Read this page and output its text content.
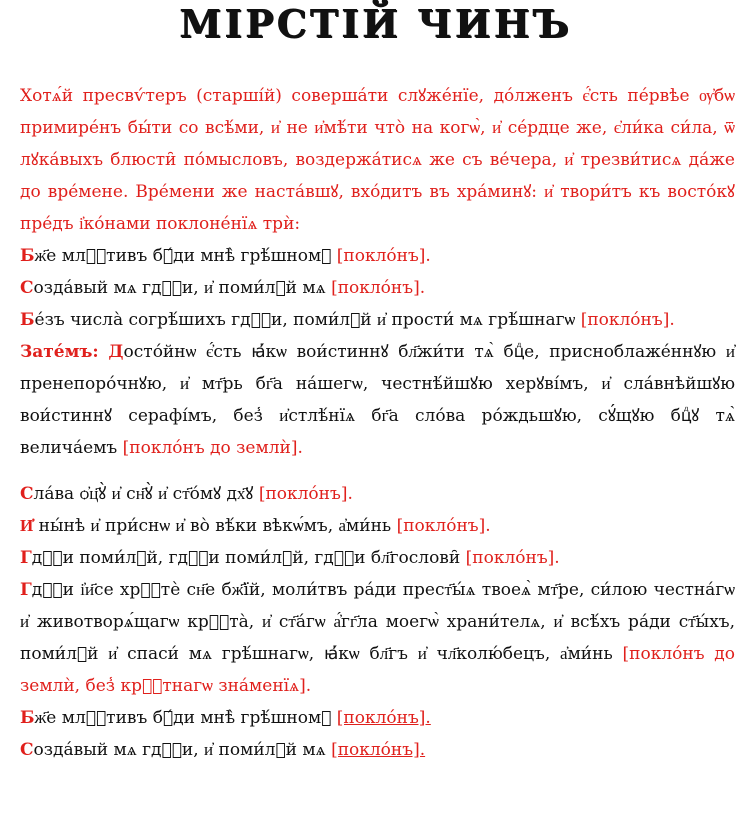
МІРСТІЙ ЧИНЪ

Хотѧ́й пресвѵ́теръ (старшíй) совершáти слꙋжéнїе, дóлженъ є҆́сть пéрвѣе ѹ҆бѡ примирéнъ бы́ти со всѣ́ми, и҆ не и҆мѣ́ти что̀ на когѡ̀, и҆ сéрдце же, є҆ли́ка си́ла, ѿ лꙋка́выхъ блюсти̑ по́мысловъ, воздержа́тисѧ же съ ве́чера, и҆ трезви́тисѧ да́же до вре́мене. Вре́мени же наста́вшꙋ, вхо́дитъ въ хра́минꙋ: и҆ твори́тъ къ восто́кꙋ пре́дъ і҆ко́нами поклоне́нїѧ трѝ:

Бж҃е млⷭ҇тивъ бꙋ́ди мнѣ̀ грѣ́шномꙋ [поклóнъ].

Создáвый мѧ гдⷭ҇и, и҆ поми́лꙋй мѧ [поклóнъ].

Бе́зъ числа̀ согрѣ́шихъ гдⷭ҇и, поми́лꙋй и҆ прости́ мѧ грѣ́шнагѡ [поклóнъ].

Затéмъ: Досто́йнѡ є҆́сть ꙗ҆́кѡ вои́стиннꙋ бл҃жи́ти тѧ̀ бцⷣе, присноблаже́ннꙋю и҆ пренепоро́чнꙋю, и҆ мт҃рь бг҃а на́шегѡ, честнѣ́йшꙋю херꙋві́мъ, и҆ сла́внѣйшꙋю вои́стиннꙋ серафі́мъ, без̾ и҆стлѣ́нїѧ бг҃а сло́ва ро́ждьшꙋю, сꙋ́щꙋю бцⷣꙋ тѧ̀ велича́емъ [поклóнъ до землѝ].

Сла́ва ѻ҆ц҃ꙋ̀ и҆ сн҃ꙋ̀ и҆ ст҃о́мꙋ дх҃ꙋ [поклóнъ].

И҆ ны́нѣ и҆ при́снѡ и҆ во̀ вѣ́ки вѣкѡ́мъ, а҆ми́нь [поклóнъ].

Гдⷭ҇и поми́лꙋй, гдⷭ҇и поми́лꙋй, гдⷭ҇и бл҃гослови̑ [поклóнъ].

Гдⷭ҇и і҆и҃се хрⷭ҇тѐ сн҃е бж҃їй, моли́твъ ра́ди прест҃ы́ѧ твоеѧ̀ мт҃ре, си́лою честна́гѡ и҆ животворѧ́щагѡ крⷭ҇та̀, и҆ ст҃а́гѡ а҆́гг҃ла моегѡ̀ храни́телѧ, и҆ всѣ́хъ ра́ди ст҃ы́хъ, поми́лꙋй и҆ спаси́ мѧ грѣ́шнагѡ, ꙗ҆́кѡ бл҃гъ и҆ чл҃колю́бецъ, а҆ми́нь [поклóнъ до землѝ, без̾ крⷭ҇тнагѡ зна́менїѧ].

Бж҃е млⷭ҇тивъ бꙋ́ди мнѣ̀ грѣ́шномꙋ [поклóнъ].

Создáвый мѧ гдⷭ҇и, и҆ поми́лꙋй мѧ [поклóнъ].
